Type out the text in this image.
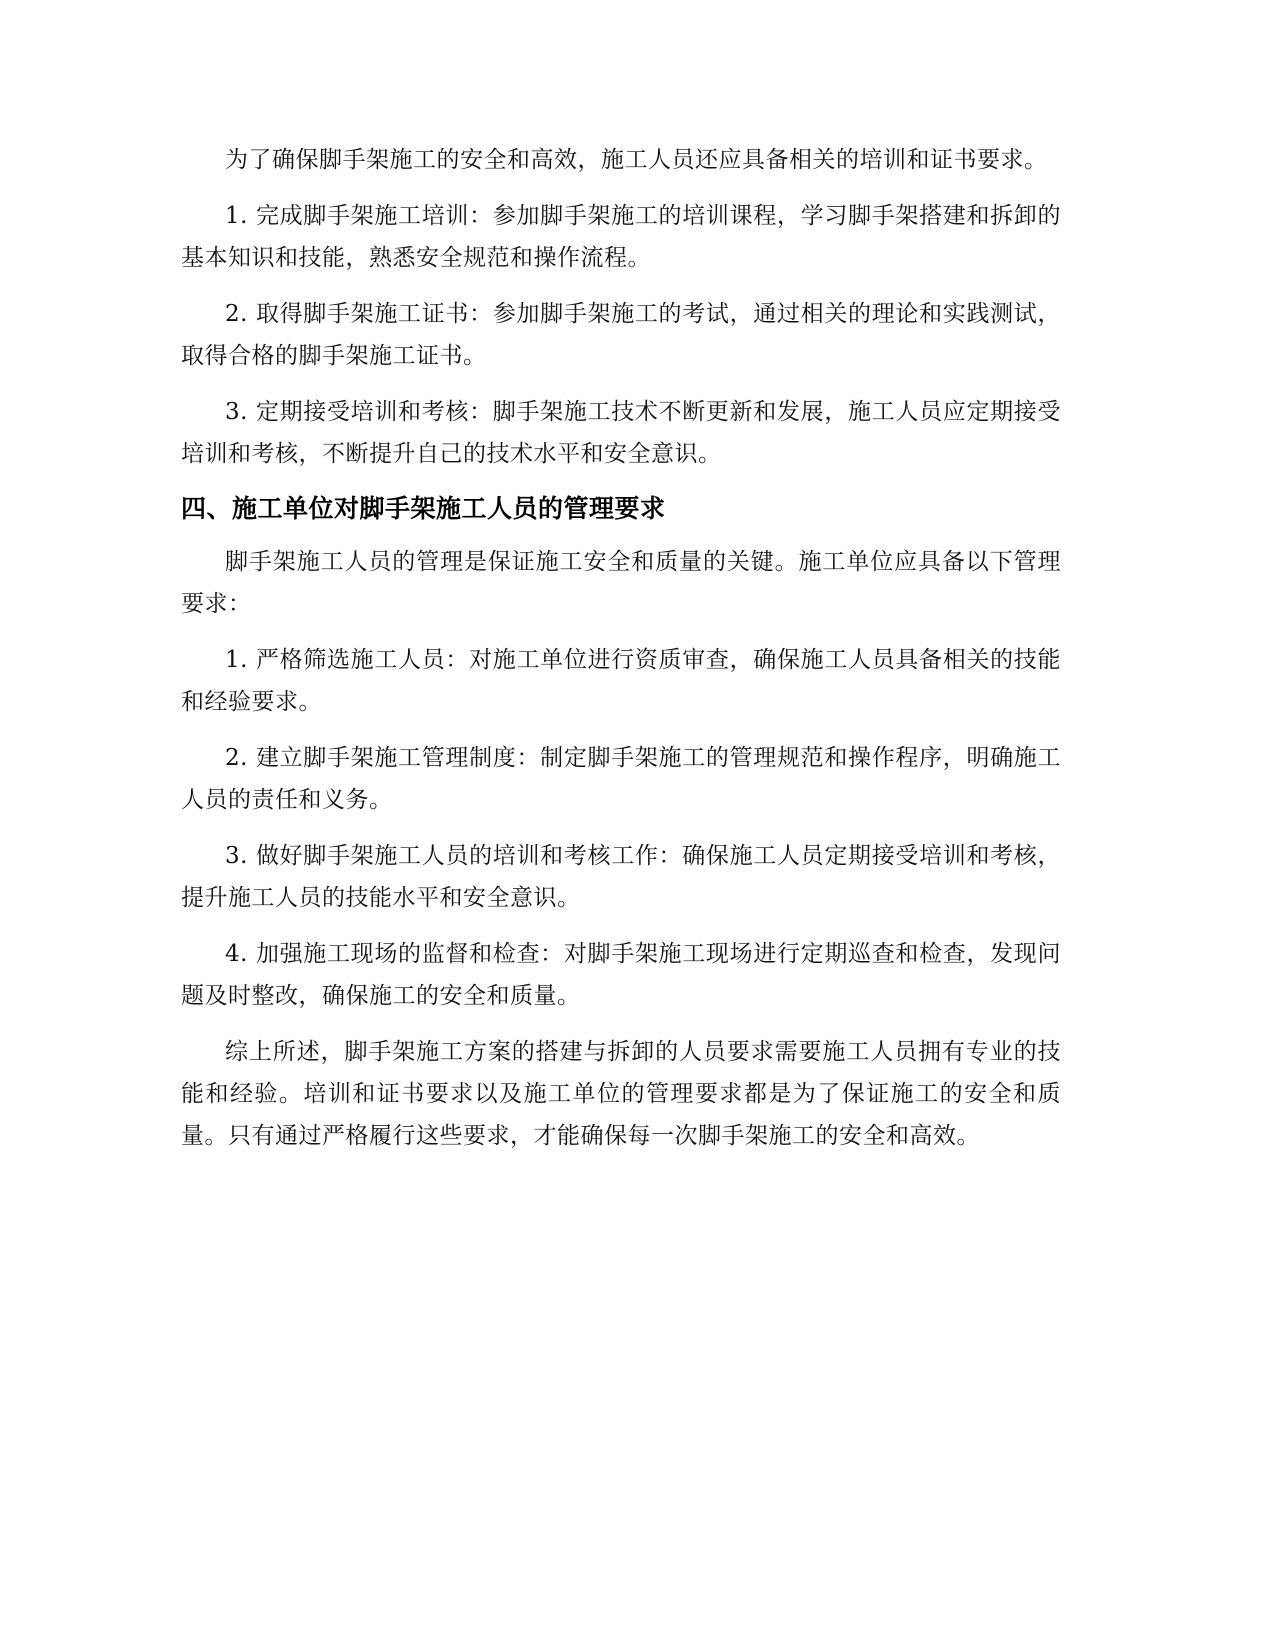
为了确保脚手架施工的安全和高效，施工人员还应具备相关的培训和证书要求。

1. 完成脚手架施工培训：参加脚手架施工的培训课程，学习脚手架搭建和拆卸的基本知识和技能，熟悉安全规范和操作流程。

2. 取得脚手架施工证书：参加脚手架施工的考试，通过相关的理论和实践测试，取得合格的脚手架施工证书。

3. 定期接受培训和考核：脚手架施工技术不断更新和发展，施工人员应定期接受培训和考核，不断提升自己的技术水平和安全意识。

四、施工单位对脚手架施工人员的管理要求

脚手架施工人员的管理是保证施工安全和质量的关键。施工单位应具备以下管理要求：

1. 严格筛选施工人员：对施工单位进行资质审查，确保施工人员具备相关的技能和经验要求。

2. 建立脚手架施工管理制度：制定脚手架施工的管理规范和操作程序，明确施工人员的责任和义务。

3. 做好脚手架施工人员的培训和考核工作：确保施工人员定期接受培训和考核，提升施工人员的技能水平和安全意识。

4. 加强施工现场的监督和检查：对脚手架施工现场进行定期巡查和检查，发现问题及时整改，确保施工的安全和质量。

综上所述，脚手架施工方案的搭建与拆卸的人员要求需要施工人员拥有专业的技能和经验。培训和证书要求以及施工单位的管理要求都是为了保证施工的安全和质量。只有通过严格履行这些要求，才能确保每一次脚手架施工的安全和高效。
